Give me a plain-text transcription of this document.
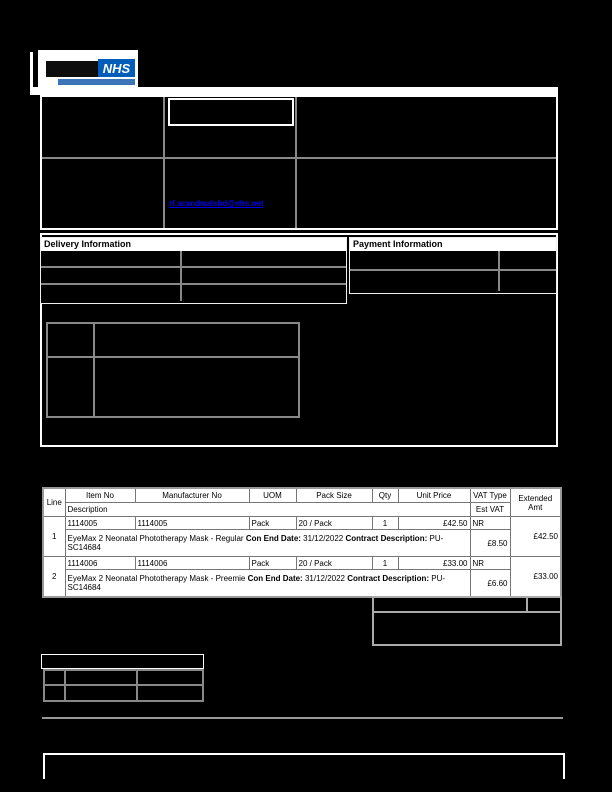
NHS
rf.acandwalsbd@nhs.net
Delivery Information	Payment Information
Line	Item No	Manufacturer No	UOM	Pack Size	Qty	Unit Price	VAT Type	Extended Amt
	Description						Est VAT	
1	1114005	1114005	Pack	20 / Pack	1	£42.50	NR	£42.50
	EyeMax 2 Neonatal Phototherapy Mask - Regular Con End Date: 31/12/2022 Contract Description: PU-SC14684						£8.50	
2	1114006	1114006	Pack	20 / Pack	1	£33.00	NR	£33.00
	EyeMax 2 Neonatal Phototherapy Mask - Preemie Con End Date: 31/12/2022 Contract Description: PU-SC14684						£6.60	
